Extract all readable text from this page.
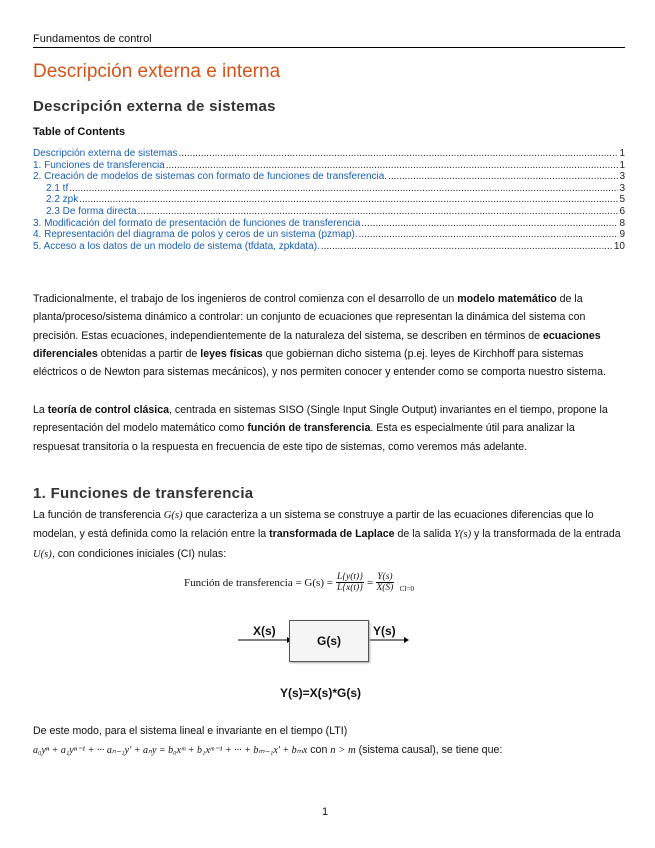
Fundamentos de control
Descripción externa e interna
Descripción externa de sistemas
Table of Contents
Descripción externa de sistemas .....	1
1. Funciones de transferencia .....	1
2. Creación de modelos de sistemas con formato de funciones de transferencia. .....	3
2.1 tf .....	3
2.2 zpk .....	5
2.3 De forma directa .....	6
3. Modificación del formato de presentación de funciones de transferencia .....	8
4. Representación del diagrama de polos y ceros de un sistema (pzmap). .....	9
5. Acceso a los datos de un modelo de sistema (tfdata, zpkdata). .....	10

Tradicionalmente, el trabajo de los ingenieros de control comienza con el desarrollo de un modelo matemático de la planta/proceso/sistema dinámico a controlar: un conjunto de ecuaciones que representan la dinámica del sistema con precisión. Estas ecuaciones, independientemente de la naturaleza del sistema, se describen en términos de ecuaciones diferenciales obtenidas a partir de leyes físicas que gobiernan dicho sistema (p.ej. leyes de Kirchhoff para sistemas eléctricos o de Newton para sistemas mecánicos), y nos permiten conocer y entender como se comporta nuestro sistema.

La teoría de control clásica, centrada en sistemas SISO (Single Input Single Output) invariantes en el tiempo, propone la representación del modelo matemático como función de transferencia. Esta es especialmente útil para analizar la respuesat transitoria o la respuesta en frecuencia de este tipo de sistemas, como veremos más adelante.

1. Funciones de transferencia

La función de transferencia G(s) que caracteriza a un sistema se construye a partir de las ecuaciones diferencias que lo modelan, y está definida como la relación entre la transformada de Laplace de la salida Y(s) y la transformada de la entrada U(s), con condiciones iniciales (CI) nulas:

Función de transferencia = $G(s) = \frac{L\{y(t)\}}{L\{x(t)\}} = \frac{Y(s)}{X(S)} CI=0$
X(s)
G(s)
Y(s)
Y(s)=X(s)*G(s)

De este modo, para el sistema lineal e invariante en el tiempo (LTI)

a₀yⁿ + a₁yⁿ⁻¹ + ··· aₙ₋₁y' + aₙy = b₀xᵐ + b₁xᵐ⁻¹ + ··· + bₘ₋₁x' + bₘx con n > m (sistema causal), se tiene que:

1
